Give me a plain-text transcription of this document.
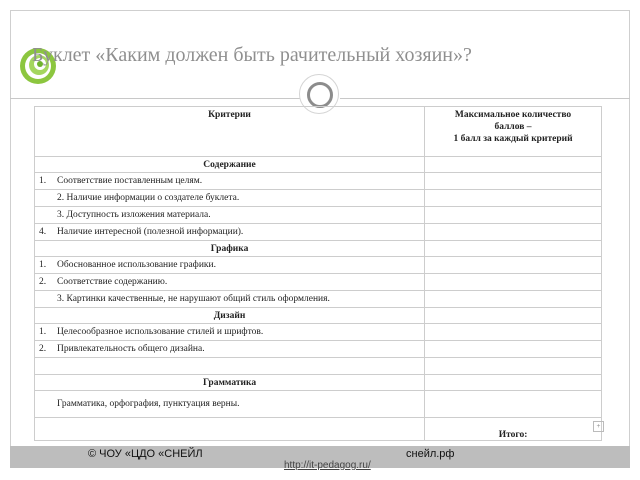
Буклет «Каким должен быть рачительный хозяин»?
Критерии	Максимальное количество
баллов –
1 балл за каждый критерий
Содержание	
1. Соответствие поставленным целям.	
2. Наличие информации о создателе буклета.	
3. Доступность изложения материала.	
4. Наличие интересной (полезной информации).	
Графика	
1. Обоснованное использование графики.	
2. Соответствие содержанию.	
3. Картинки качественные, не нарушают общий стиль оформления.	
Дизайн	
1. Целесообразное использование стилей и шрифтов.	
2. Привлекательность общего дизайна.	

Грамматика	
Грамматика, орфография, пунктуация верны.	
	Итого:
+
© ЧОУ «ЦДО «СНЕЙЛ	снейл.рф
http://it-pedagog.ru/
